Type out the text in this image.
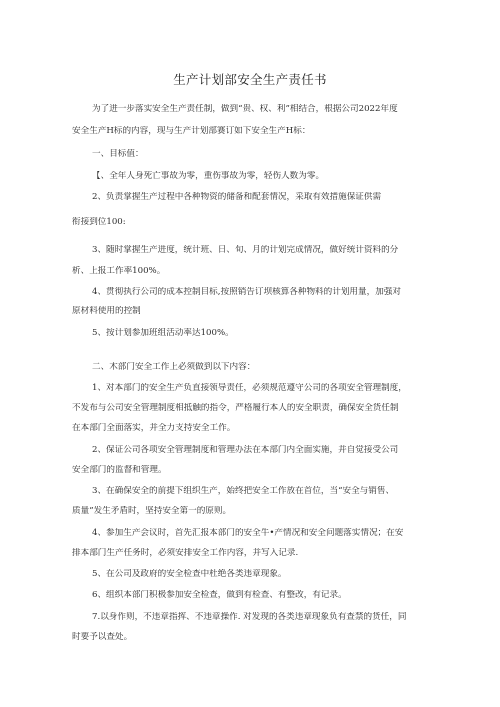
生产计划部安全生产责任书
为了进一步落实安全生产责任制，做到“贵、权、利”相结合，根据公司2022年度
安全生产H标的内容，现与生产计划部赛订如下安全生产H标：
一、目标值：
【、全年人身死亡事故为零，重伤事故为零，轻伤人数为零。
2、负责掌握生产过程中各种物资的储备和配套情况，采取有效措施保证供需
衔接到位100:
3、随时掌握生产进度，统计班、日、旬、月的计划完成情况，做好统计资料的分
析、上报工作率100%。
4、贯彻执行公司的成本控制目标,按照销告订坝核算各种物料的计划用量，加强对
原材料使用的控制
5、按计划参加班组活动率达100%。
二、木部门安全工作上必须做到以下内容：
1、对本部门的安全生产负直接领导责任，必须规范遵守公司的各项安全管理制度，
不发布与公司安全管理制度相抵触的指令，严格履行本人的安全职责，确保安全货任制
在本部门全面落实，并全力支持安全工作。
2、保证公司各项安全管理制度和管理办法在本部门内全面实施，并自觉接受公司
安全部门的监督和管理。
3、在确保安全的前提下组织生产，始终把安全工作放在首位，当“安全与销售、
质量”发生矛盾时，坚持安全第一的原则。
4、参加生产会议时，首先汇报本部门的安全牛•产情况和安全问题落实情况；在安
排本部门生产任务时，必须安排安全工作内容，并写入记录.
5、在公司及政府的安全检查中杜绝各类违章现象。
6、组织本部门积极参加安全检查，做到有检查、有整改，有记录。
7.以身作则，不违章指挥、不违章操作. 对发现的各类违章现象负有查禁的货任，同
时要予以查处。
